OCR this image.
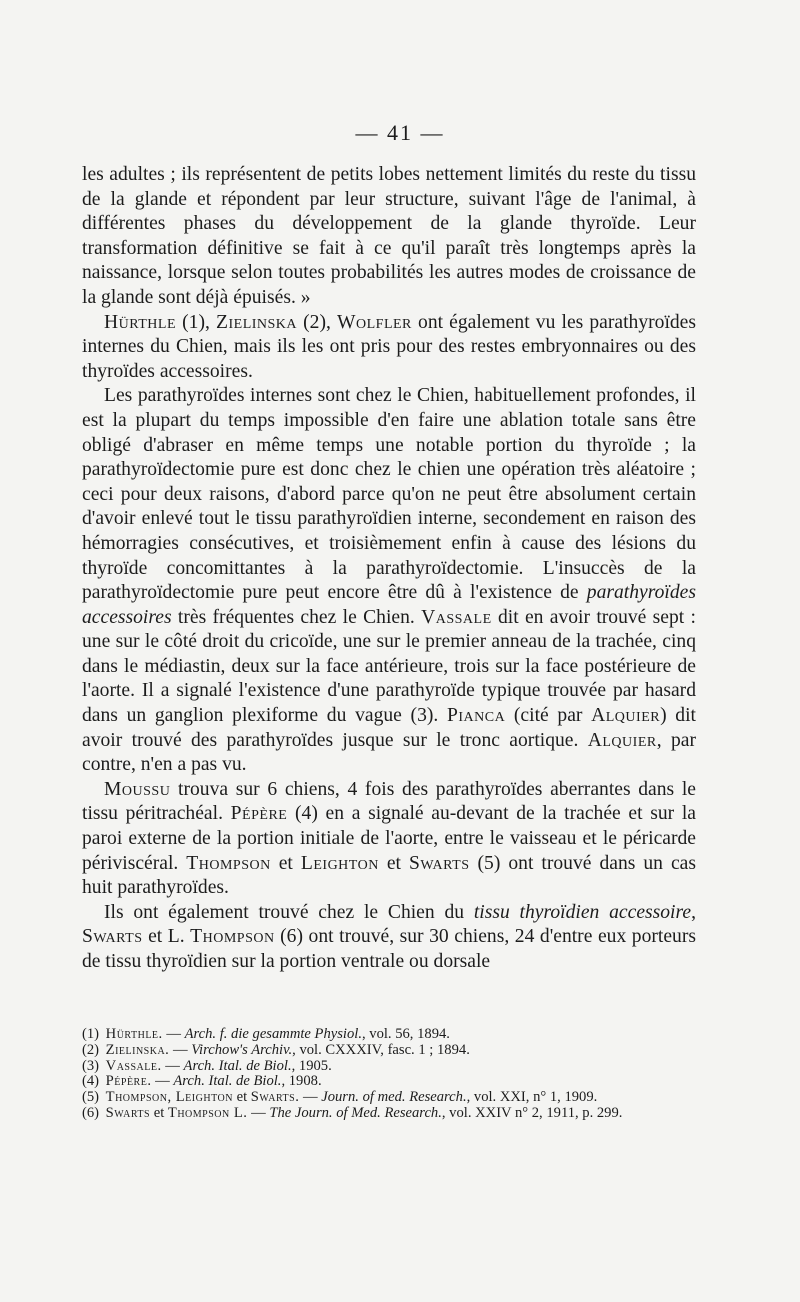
— 41 —

les adultes ; ils représentent de petits lobes nettement limités du reste du tissu de la glande et répondent par leur structure, suivant l'âge de l'animal, à différentes phases du développement de la glande thyroïde. Leur transformation définitive se fait à ce qu'il paraît très longtemps après la naissance, lorsque selon toutes probabilités les autres modes de croissance de la glande sont déjà épuisés. »

Hürthle (1), Zielinska (2), Wolfler ont également vu les parathyroïdes internes du Chien, mais ils les ont pris pour des restes embryonnaires ou des thyroïdes accessoires.

Les parathyroïdes internes sont chez le Chien, habituellement profondes, il est la plupart du temps impossible d'en faire une ablation totale sans être obligé d'abraser en même temps une notable portion du thyroïde ; la parathyroïdectomie pure est donc chez le chien une opération très aléatoire ; ceci pour deux raisons, d'abord parce qu'on ne peut être absolument certain d'avoir enlevé tout le tissu parathyroïdien interne, secondement en raison des hémorragies consécutives, et troisièmement enfin à cause des lésions du thyroïde concomittantes à la parathyroïdectomie. L'insuccès de la parathyroïdectomie pure peut encore être dû à l'existence de parathyroïdes accessoires très fréquentes chez le Chien. Vassale dit en avoir trouvé sept : une sur le côté droit du cricoïde, une sur le premier anneau de la trachée, cinq dans le médiastin, deux sur la face antérieure, trois sur la face postérieure de l'aorte. Il a signalé l'existence d'une parathyroïde typique trouvée par hasard dans un ganglion plexiforme du vague (3). Pianca (cité par Alquier) dit avoir trouvé des parathyroïdes jusque sur le tronc aortique. Alquier, par contre, n'en a pas vu.

Moussu trouva sur 6 chiens, 4 fois des parathyroïdes aberrantes dans le tissu péritrachéal. Pépère (4) en a signalé au-devant de la trachée et sur la paroi externe de la portion initiale de l'aorte, entre le vaisseau et le péricarde périviscéral. Thompson et Leighton et Swarts (5) ont trouvé dans un cas huit parathyroïdes.

Ils ont également trouvé chez le Chien du tissu thyroïdien accessoire, Swarts et L. Thompson (6) ont trouvé, sur 30 chiens, 24 d'entre eux porteurs de tissu thyroïdien sur la portion ventrale ou dorsale

(1) Hürthle. — Arch. f. die gesammte Physiol., vol. 56, 1894.

(2) Zielinska. — Virchow's Archiv., vol. CXXXIV, fasc. 1 ; 1894.

(3) Vassale. — Arch. Ital. de Biol., 1905.

(4) Pépère. — Arch. Ital. de Biol., 1908.

(5) Thompson, Leighton et Swarts. — Journ. of med. Research., vol. XXI, n° 1, 1909.

(6) Swarts et Thompson L. — The Journ. of Med. Research., vol. XXIV n° 2, 1911, p. 299.
